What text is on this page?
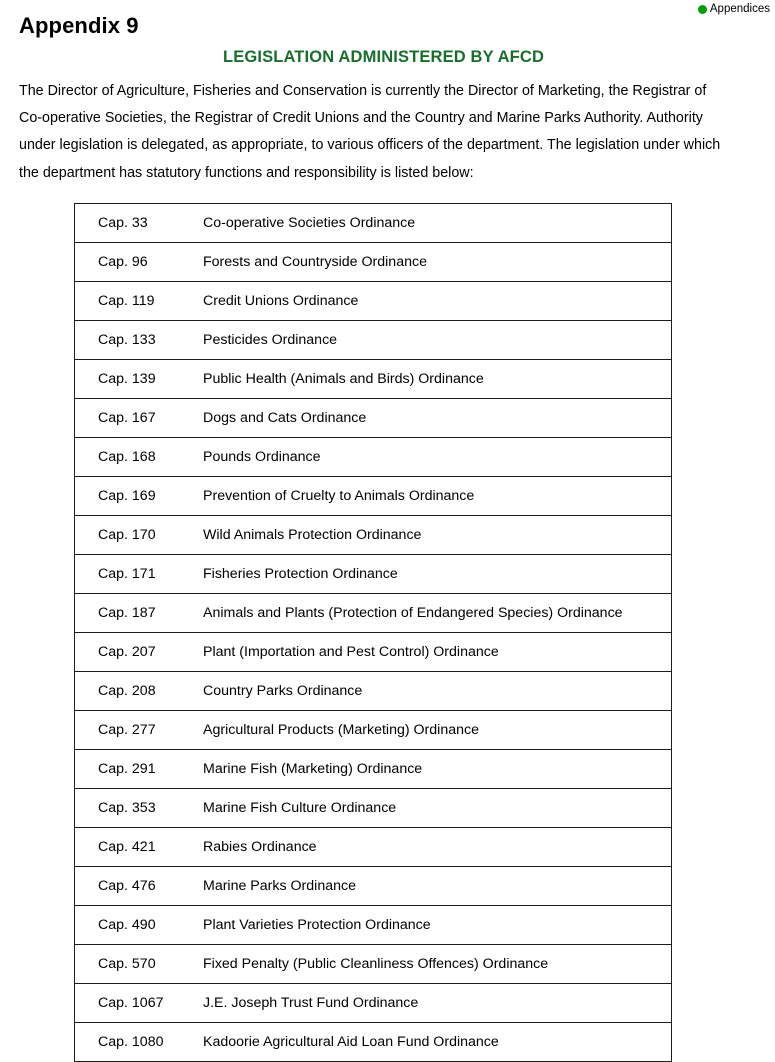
Appendices
Appendix 9
LEGISLATION ADMINISTERED BY AFCD
The Director of Agriculture, Fisheries and Conservation is currently the Director of Marketing, the Registrar of Co-operative Societies, the Registrar of Credit Unions and the Country and Marine Parks Authority. Authority under legislation is delegated, as appropriate, to various officers of the department. The legislation under which the department has statutory functions and responsibility is listed below:
Cap. 33	Co-operative Societies Ordinance
Cap. 96	Forests and Countryside Ordinance
Cap. 119	Credit Unions Ordinance
Cap. 133	Pesticides Ordinance
Cap. 139	Public Health (Animals and Birds) Ordinance
Cap. 167	Dogs and Cats Ordinance
Cap. 168	Pounds Ordinance
Cap. 169	Prevention of Cruelty to Animals Ordinance
Cap. 170	Wild Animals Protection Ordinance
Cap. 171	Fisheries Protection Ordinance
Cap. 187	Animals and Plants (Protection of Endangered Species) Ordinance
Cap. 207	Plant (Importation and Pest Control) Ordinance
Cap. 208	Country Parks Ordinance
Cap. 277	Agricultural Products (Marketing) Ordinance
Cap. 291	Marine Fish (Marketing) Ordinance
Cap. 353	Marine Fish Culture Ordinance
Cap. 421	Rabies Ordinance
Cap. 476	Marine Parks Ordinance
Cap. 490	Plant Varieties Protection Ordinance
Cap. 570	Fixed Penalty (Public Cleanliness Offences) Ordinance
Cap. 1067	J.E. Joseph Trust Fund Ordinance
Cap. 1080	Kadoorie Agricultural Aid Loan Fund Ordinance
